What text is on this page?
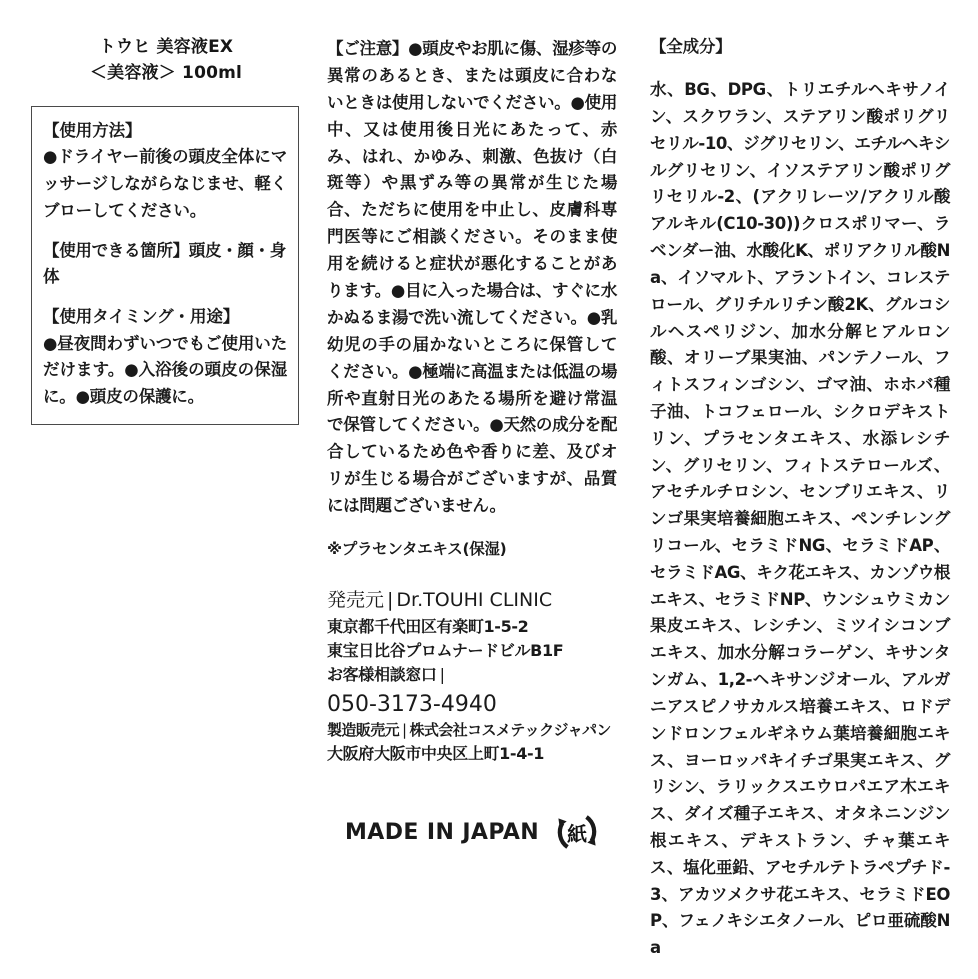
トウヒ 美容液EX
＜美容液＞ 100ml

【使用方法】

●ドライヤー前後の頭皮全体にマッサージしながらなじませ、軽くブローしてください。

【使用できる箇所】頭皮・顔・身体

【使用タイミング・用途】

●昼夜問わずいつでもご使用いただけます。●入浴後の頭皮の保湿に。●頭皮の保護に。

【ご注意】●頭皮やお肌に傷、湿疹等の異常のあるとき、または頭皮に合わないときは使用しないでください。●使用中、又は使用後日光にあたって、赤み、はれ、かゆみ、刺激、色抜け（白斑等）や黒ずみ等の異常が生じた場合、ただちに使用を中止し、皮膚科専門医等にご相談ください。そのまま使用を続けると症状が悪化することがあります。●目に入った場合は、すぐに水かぬるま湯で洗い流してください。●乳幼児の手の届かないところに保管してください。●極端に高温または低温の場所や直射日光のあたる場所を避け常温で保管してください。●天然の成分を配合しているため色や香りに差、及びオリが生じる場合がございますが、品質には問題ございません。

※プラセンタエキス(保湿)

発売元 | Dr.TOUHI CLINIC
東京都千代田区有楽町1-5-2
東宝日比谷プロムナードビルB1F
お客様相談窓口 |
050-3173-4940
製造販売元 | 株式会社コスメテックジャパン
大阪府大阪市中央区上町1-4-1
MADE IN JAPAN	紙

【全成分】

水、BG、DPG、トリエチルヘキサノイン、スクワラン、ステアリン酸ポリグリセリル-10、ジグリセリン、エチルヘキシルグリセリン、イソステアリン酸ポリグリセリル-2、(アクリレーツ/アクリル酸アルキル(C10-30))クロスポリマー、ラベンダー油、水酸化K、ポリアクリル酸Na、イソマルト、アラントイン、コレステロール、グリチルリチン酸2K、グルコシルヘスペリジン、加水分解ヒアルロン酸、オリーブ果実油、パンテノール、フィトスフィンゴシン、ゴマ油、ホホバ種子油、トコフェロール、シクロデキストリン、プラセンタエキス、水添レシチン、グリセリン、フィトステロールズ、アセチルチロシン、センブリエキス、リンゴ果実培養細胞エキス、ペンチレングリコール、セラミドNG、セラミドAP、セラミドAG、キク花エキス、カンゾウ根エキス、セラミドNP、ウンシュウミカン果皮エキス、レシチン、ミツイシコンブエキス、加水分解コラーゲン、キサンタンガム、1,2-ヘキサンジオール、アルガニアスピノサカルス培養エキス、ロドデンドロンフェルギネウム葉培養細胞エキス、ヨーロッパキイチゴ果実エキス、グリシン、ラリックスエウロパエア木エキス、ダイズ種子エキス、オタネニンジン根エキス、デキストラン、チャ葉エキス、塩化亜鉛、アセチルテトラペプチド-3、アカツメクサ花エキス、セラミドEOP、フェノキシエタノール、ピロ亜硫酸Na
